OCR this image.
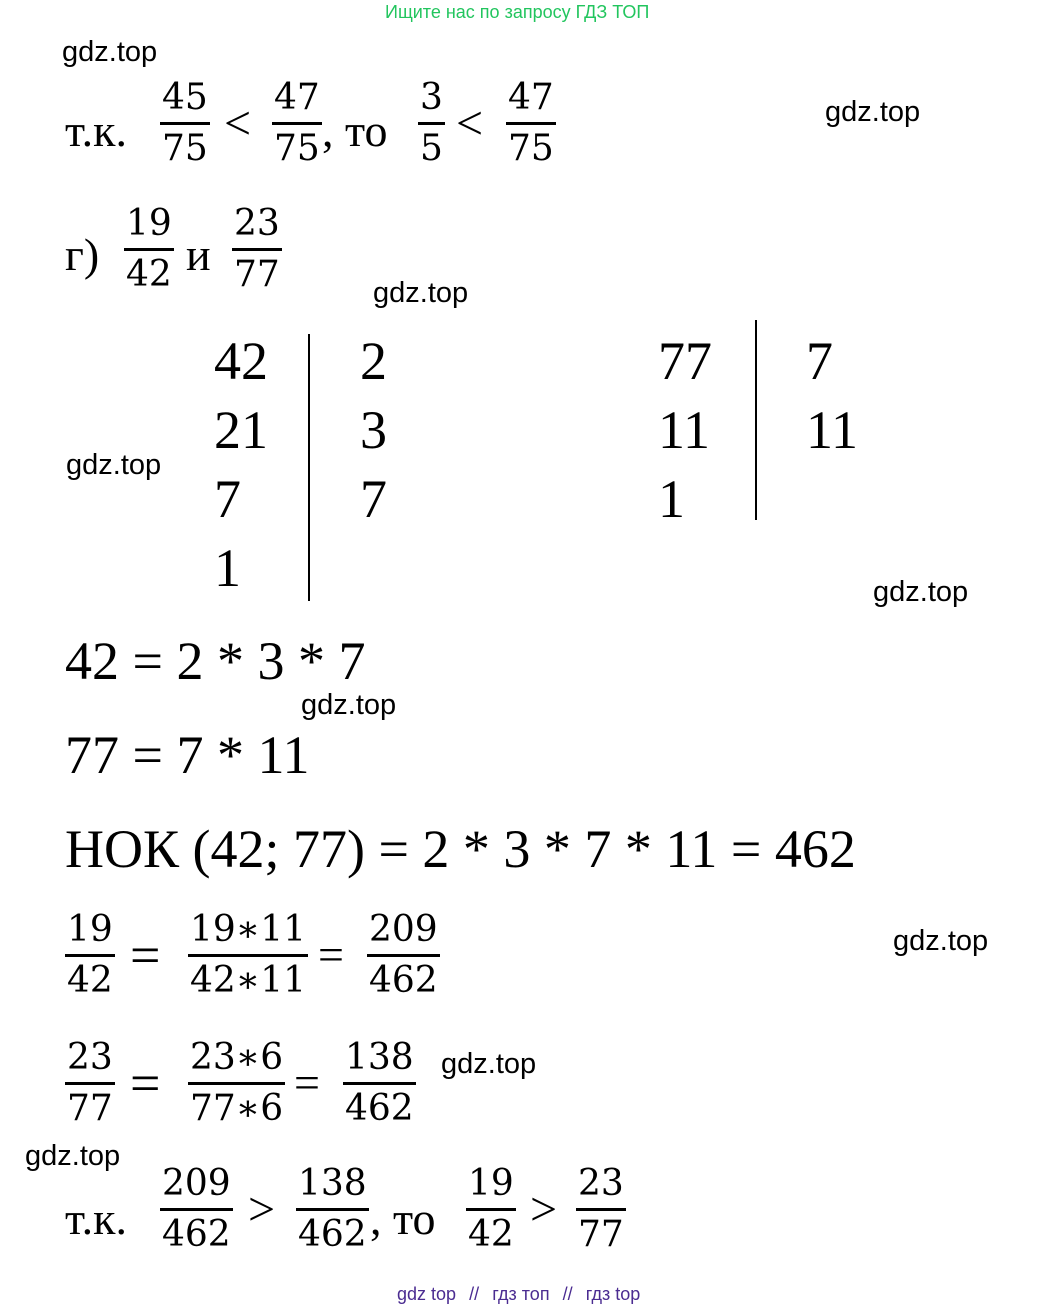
Ищите нас по запросу ГДЗ ТОП
gdz.top
gdz.top
gdz.top
gdz.top
gdz.top
gdz.top
gdz.top
gdz.top
gdz.top
т.к.
45
75 < 47
75 , то
3
5 < 47
75
г)
19
42 и
23
77
42
21
7
1
2
3
7
77
11
1
7
11
42 = 2 * 3 * 7
77 = 7 * 11
НОК (42; 77) = 2 * 3 * 7 * 11 = 462
19
42 = 19∗11
42∗11
= 209
462
23
77 = 23∗6
77∗6
= 138
462
т.к.
209
462 > 138
462 , то
19
42 > 23
77
gdz top // гдз топ // гдз top
